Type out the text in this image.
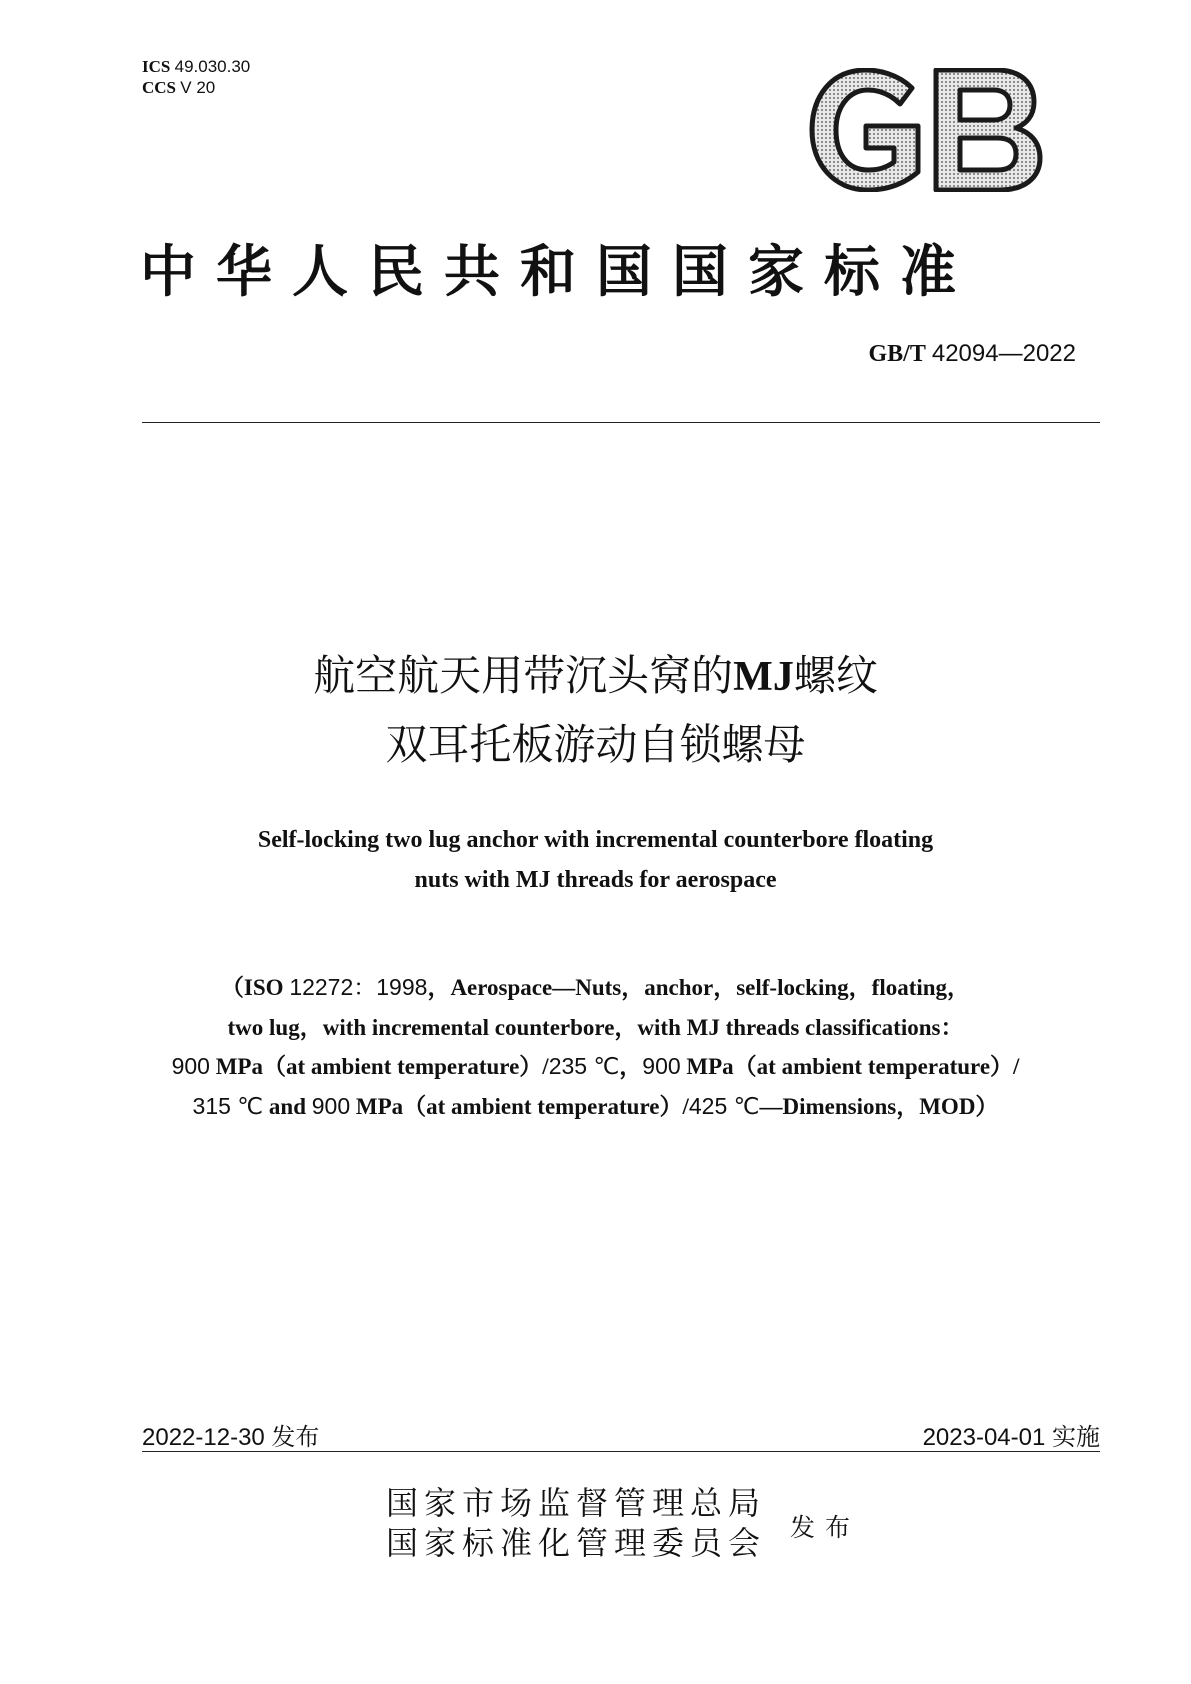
ICS 49.030.30
CCS V 20
中华人民共和国国家标准
GB/T 42094—2022
航空航天用带沉头窝的MJ螺纹
双耳托板游动自锁螺母
Self-locking two lug anchor with incremental counterbore floating
nuts with MJ threads for aerospace
（ISO 12272：1998，Aerospace—Nuts，anchor，self-locking，floating，
two lug，with incremental counterbore，with MJ threads classifications：
900 MPa（at ambient temperature）/235 ℃，900 MPa（at ambient temperature）/
315 ℃ and 900 MPa（at ambient temperature）/425 ℃—Dimensions，MOD）
2022-12-30 发布	2023-04-01 实施
国家市场监督管理总局
国家标准化管理委员会 发布
